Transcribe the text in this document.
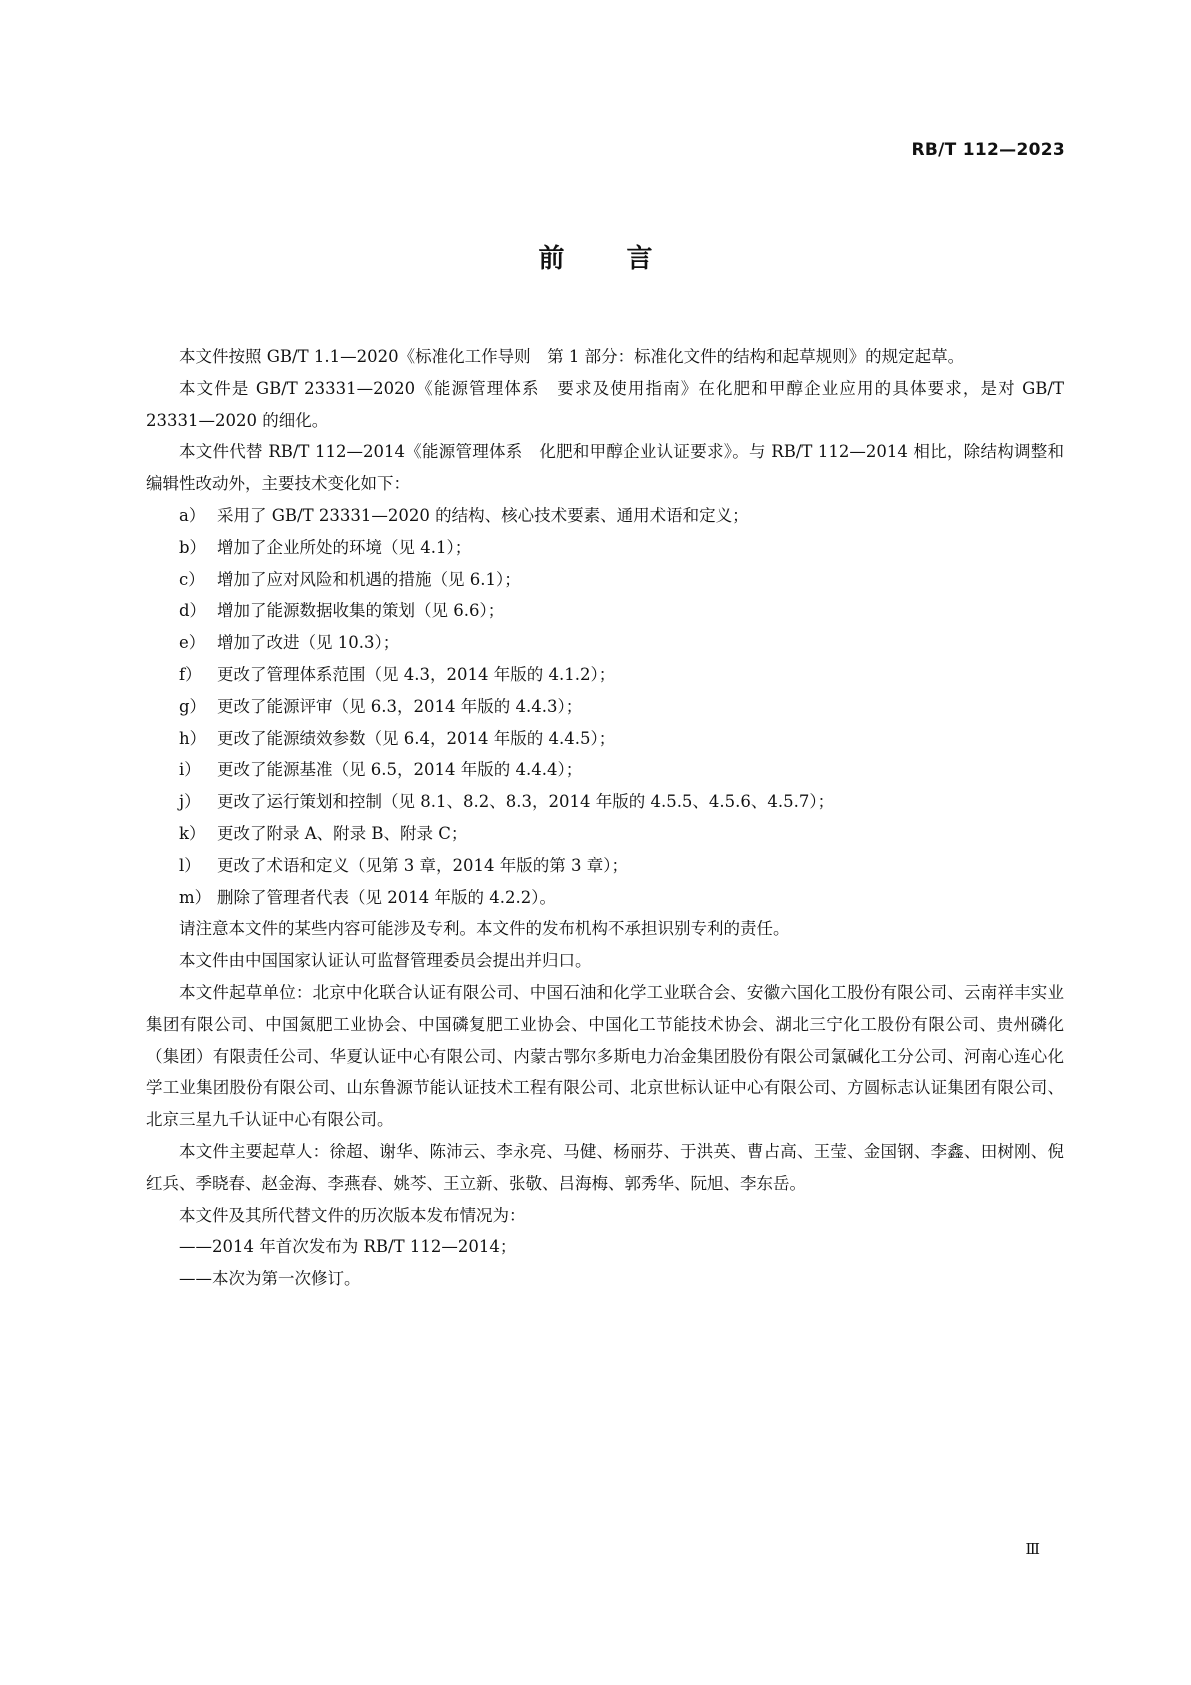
RB/T 112—2023
前言

本文件按照 GB/T 1.1—2020《标准化工作导则　第 1 部分：标准化文件的结构和起草规则》的规定起草。

本文件是 GB/T 23331—2020《能源管理体系　要求及使用指南》在化肥和甲醇企业应用的具体要求，是对 GB/T 23331—2020 的细化。

本文件代替 RB/T 112—2014《能源管理体系　化肥和甲醇企业认证要求》。与 RB/T 112—2014 相比，除结构调整和编辑性改动外，主要技术变化如下：

a） 采用了 GB/T 23331—2020 的结构、核心技术要素、通用术语和定义；

b） 增加了企业所处的环境（见 4.1）；

c） 增加了应对风险和机遇的措施（见 6.1）；

d） 增加了能源数据收集的策划（见 6.6）；

e） 增加了改进（见 10.3）；

f） 更改了管理体系范围（见 4.3，2014 年版的 4.1.2）；

g） 更改了能源评审（见 6.3，2014 年版的 4.4.3）；

h） 更改了能源绩效参数（见 6.4，2014 年版的 4.4.5）；

i） 更改了能源基准（见 6.5，2014 年版的 4.4.4）；

j） 更改了运行策划和控制（见 8.1、8.2、8.3，2014 年版的 4.5.5、4.5.6、4.5.7）；

k） 更改了附录 A、附录 B、附录 C；

l） 更改了术语和定义（见第 3 章，2014 年版的第 3 章）；

m） 删除了管理者代表（见 2014 年版的 4.2.2）。

请注意本文件的某些内容可能涉及专利。本文件的发布机构不承担识别专利的责任。

本文件由中国国家认证认可监督管理委员会提出并归口。

本文件起草单位：北京中化联合认证有限公司、中国石油和化学工业联合会、安徽六国化工股份有限公司、云南祥丰实业集团有限公司、中国氮肥工业协会、中国磷复肥工业协会、中国化工节能技术协会、湖北三宁化工股份有限公司、贵州磷化（集团）有限责任公司、华夏认证中心有限公司、内蒙古鄂尔多斯电力冶金集团股份有限公司氯碱化工分公司、河南心连心化学工业集团股份有限公司、山东鲁源节能认证技术工程有限公司、北京世标认证中心有限公司、方圆标志认证集团有限公司、北京三星九千认证中心有限公司。

本文件主要起草人：徐超、谢华、陈沛云、李永亮、马健、杨丽芬、于洪英、曹占高、王莹、金国钢、李鑫、田树刚、倪红兵、季晓春、赵金海、李燕春、姚芩、王立新、张敬、吕海梅、郭秀华、阮旭、李东岳。

本文件及其所代替文件的历次版本发布情况为：

——2014 年首次发布为 RB/T 112—2014；

——本次为第一次修订。

Ⅲ
